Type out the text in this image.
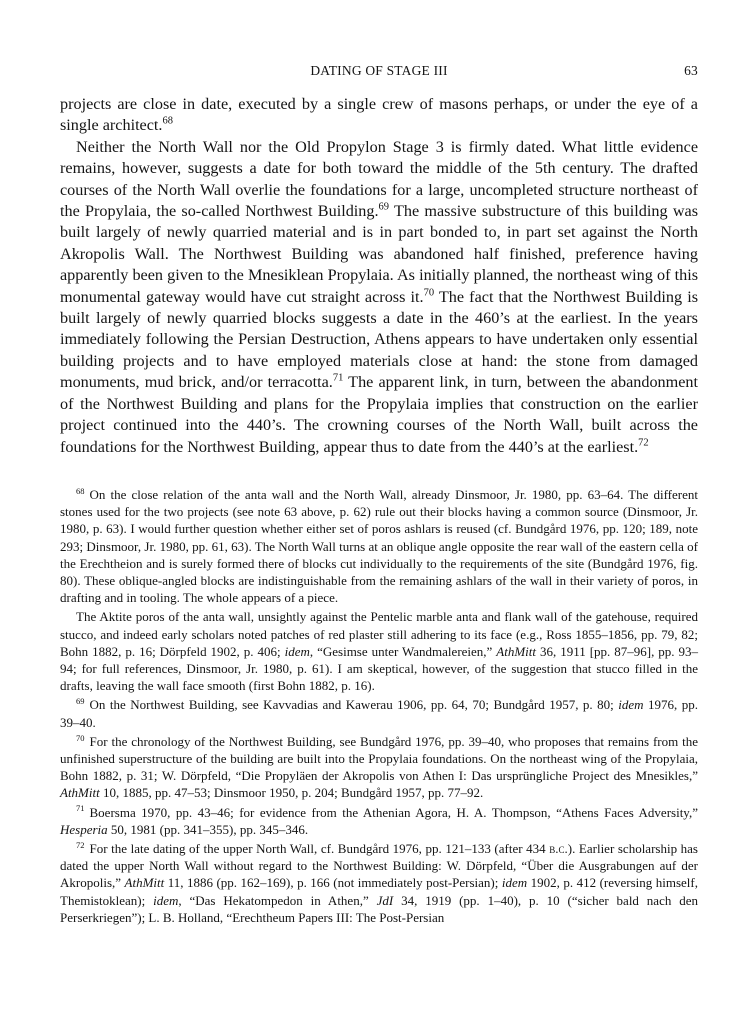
DATING OF STAGE III	63

projects are close in date, executed by a single crew of masons perhaps, or under the eye of a single architect.$^{68}$

Neither the North Wall nor the Old Propylon Stage 3 is firmly dated. What little evidence remains, however, suggests a date for both toward the middle of the 5th century. The drafted courses of the North Wall overlie the foundations for a large, uncompleted structure northeast of the Propylaia, the so-called Northwest Building.$^{69}$ The massive substructure of this building was built largely of newly quarried material and is in part bonded to, in part set against the North Akropolis Wall. The Northwest Building was abandoned half finished, preference having apparently been given to the Mnesiklean Propylaia. As initially planned, the northeast wing of this monumental gateway would have cut straight across it.$^{70}$ The fact that the Northwest Building is built largely of newly quarried blocks suggests a date in the 460’s at the earliest. In the years immediately following the Persian Destruction, Athens appears to have undertaken only essential building projects and to have employed materials close at hand: the stone from damaged monuments, mud brick, and/or terracotta.$^{71}$ The apparent link, in turn, between the abandonment of the Northwest Building and plans for the Propylaia implies that construction on the earlier project continued into the 440’s. The crowning courses of the North Wall, built across the foundations for the Northwest Building, appear thus to date from the 440’s at the earliest.$^{72}$

$^{68}$ On the close relation of the anta wall and the North Wall, already Dinsmoor, Jr. 1980, pp. 63–64. The different stones used for the two projects (see note 63 above, p. 62) rule out their blocks having a common source (Dinsmoor, Jr. 1980, p. 63). I would further question whether either set of poros ashlars is reused (cf. Bundgård 1976, pp. 120; 189, note 293; Dinsmoor, Jr. 1980, pp. 61, 63). The North Wall turns at an oblique angle opposite the rear wall of the eastern cella of the Erechtheion and is surely formed there of blocks cut individually to the requirements of the site (Bundgård 1976, fig. 80). These oblique-angled blocks are indistinguishable from the remaining ashlars of the wall in their variety of poros, in drafting and in tooling. The whole appears of a piece.

The Aktite poros of the anta wall, unsightly against the Pentelic marble anta and flank wall of the gatehouse, required stucco, and indeed early scholars noted patches of red plaster still adhering to its face (e.g., Ross 1855–1856, pp. 79, 82; Bohn 1882, p. 16; Dörpfeld 1902, p. 406; idem, “Gesimse unter Wandmalereien,” AthMitt 36, 1911 [pp. 87–96], pp. 93–94; for full references, Dinsmoor, Jr. 1980, p. 61). I am skeptical, however, of the suggestion that stucco filled in the drafts, leaving the wall face smooth (first Bohn 1882, p. 16).

$^{69}$ On the Northwest Building, see Kavvadias and Kawerau 1906, pp. 64, 70; Bundgård 1957, p. 80; idem 1976, pp. 39–40.

$^{70}$ For the chronology of the Northwest Building, see Bundgård 1976, pp. 39–40, who proposes that remains from the unfinished superstructure of the building are built into the Propylaia foundations. On the northeast wing of the Propylaia, Bohn 1882, p. 31; W. Dörpfeld, “Die Propyläen der Akropolis von Athen I: Das ursprüngliche Project des Mnesikles,” AthMitt 10, 1885, pp. 47–53; Dinsmoor 1950, p. 204; Bundgård 1957, pp. 77–92.

$^{71}$ Boersma 1970, pp. 43–46; for evidence from the Athenian Agora, H. A. Thompson, “Athens Faces Adversity,” Hesperia 50, 1981 (pp. 341–355), pp. 345–346.

$^{72}$ For the late dating of the upper North Wall, cf. Bundgård 1976, pp. 121–133 (after 434 b.c.). Earlier scholarship has dated the upper North Wall without regard to the Northwest Building: W. Dörpfeld, “Über die Ausgrabungen auf der Akropolis,” AthMitt 11, 1886 (pp. 162–169), p. 166 (not immediately post-Persian); idem 1902, p. 412 (reversing himself, Themistoklean); idem, “Das Hekatompedon in Athen,” JdI 34, 1919 (pp. 1–40), p. 10 (“sicher bald nach den Perserkriegen”); L. B. Holland, “Erechtheum Papers III: The Post-Persian
